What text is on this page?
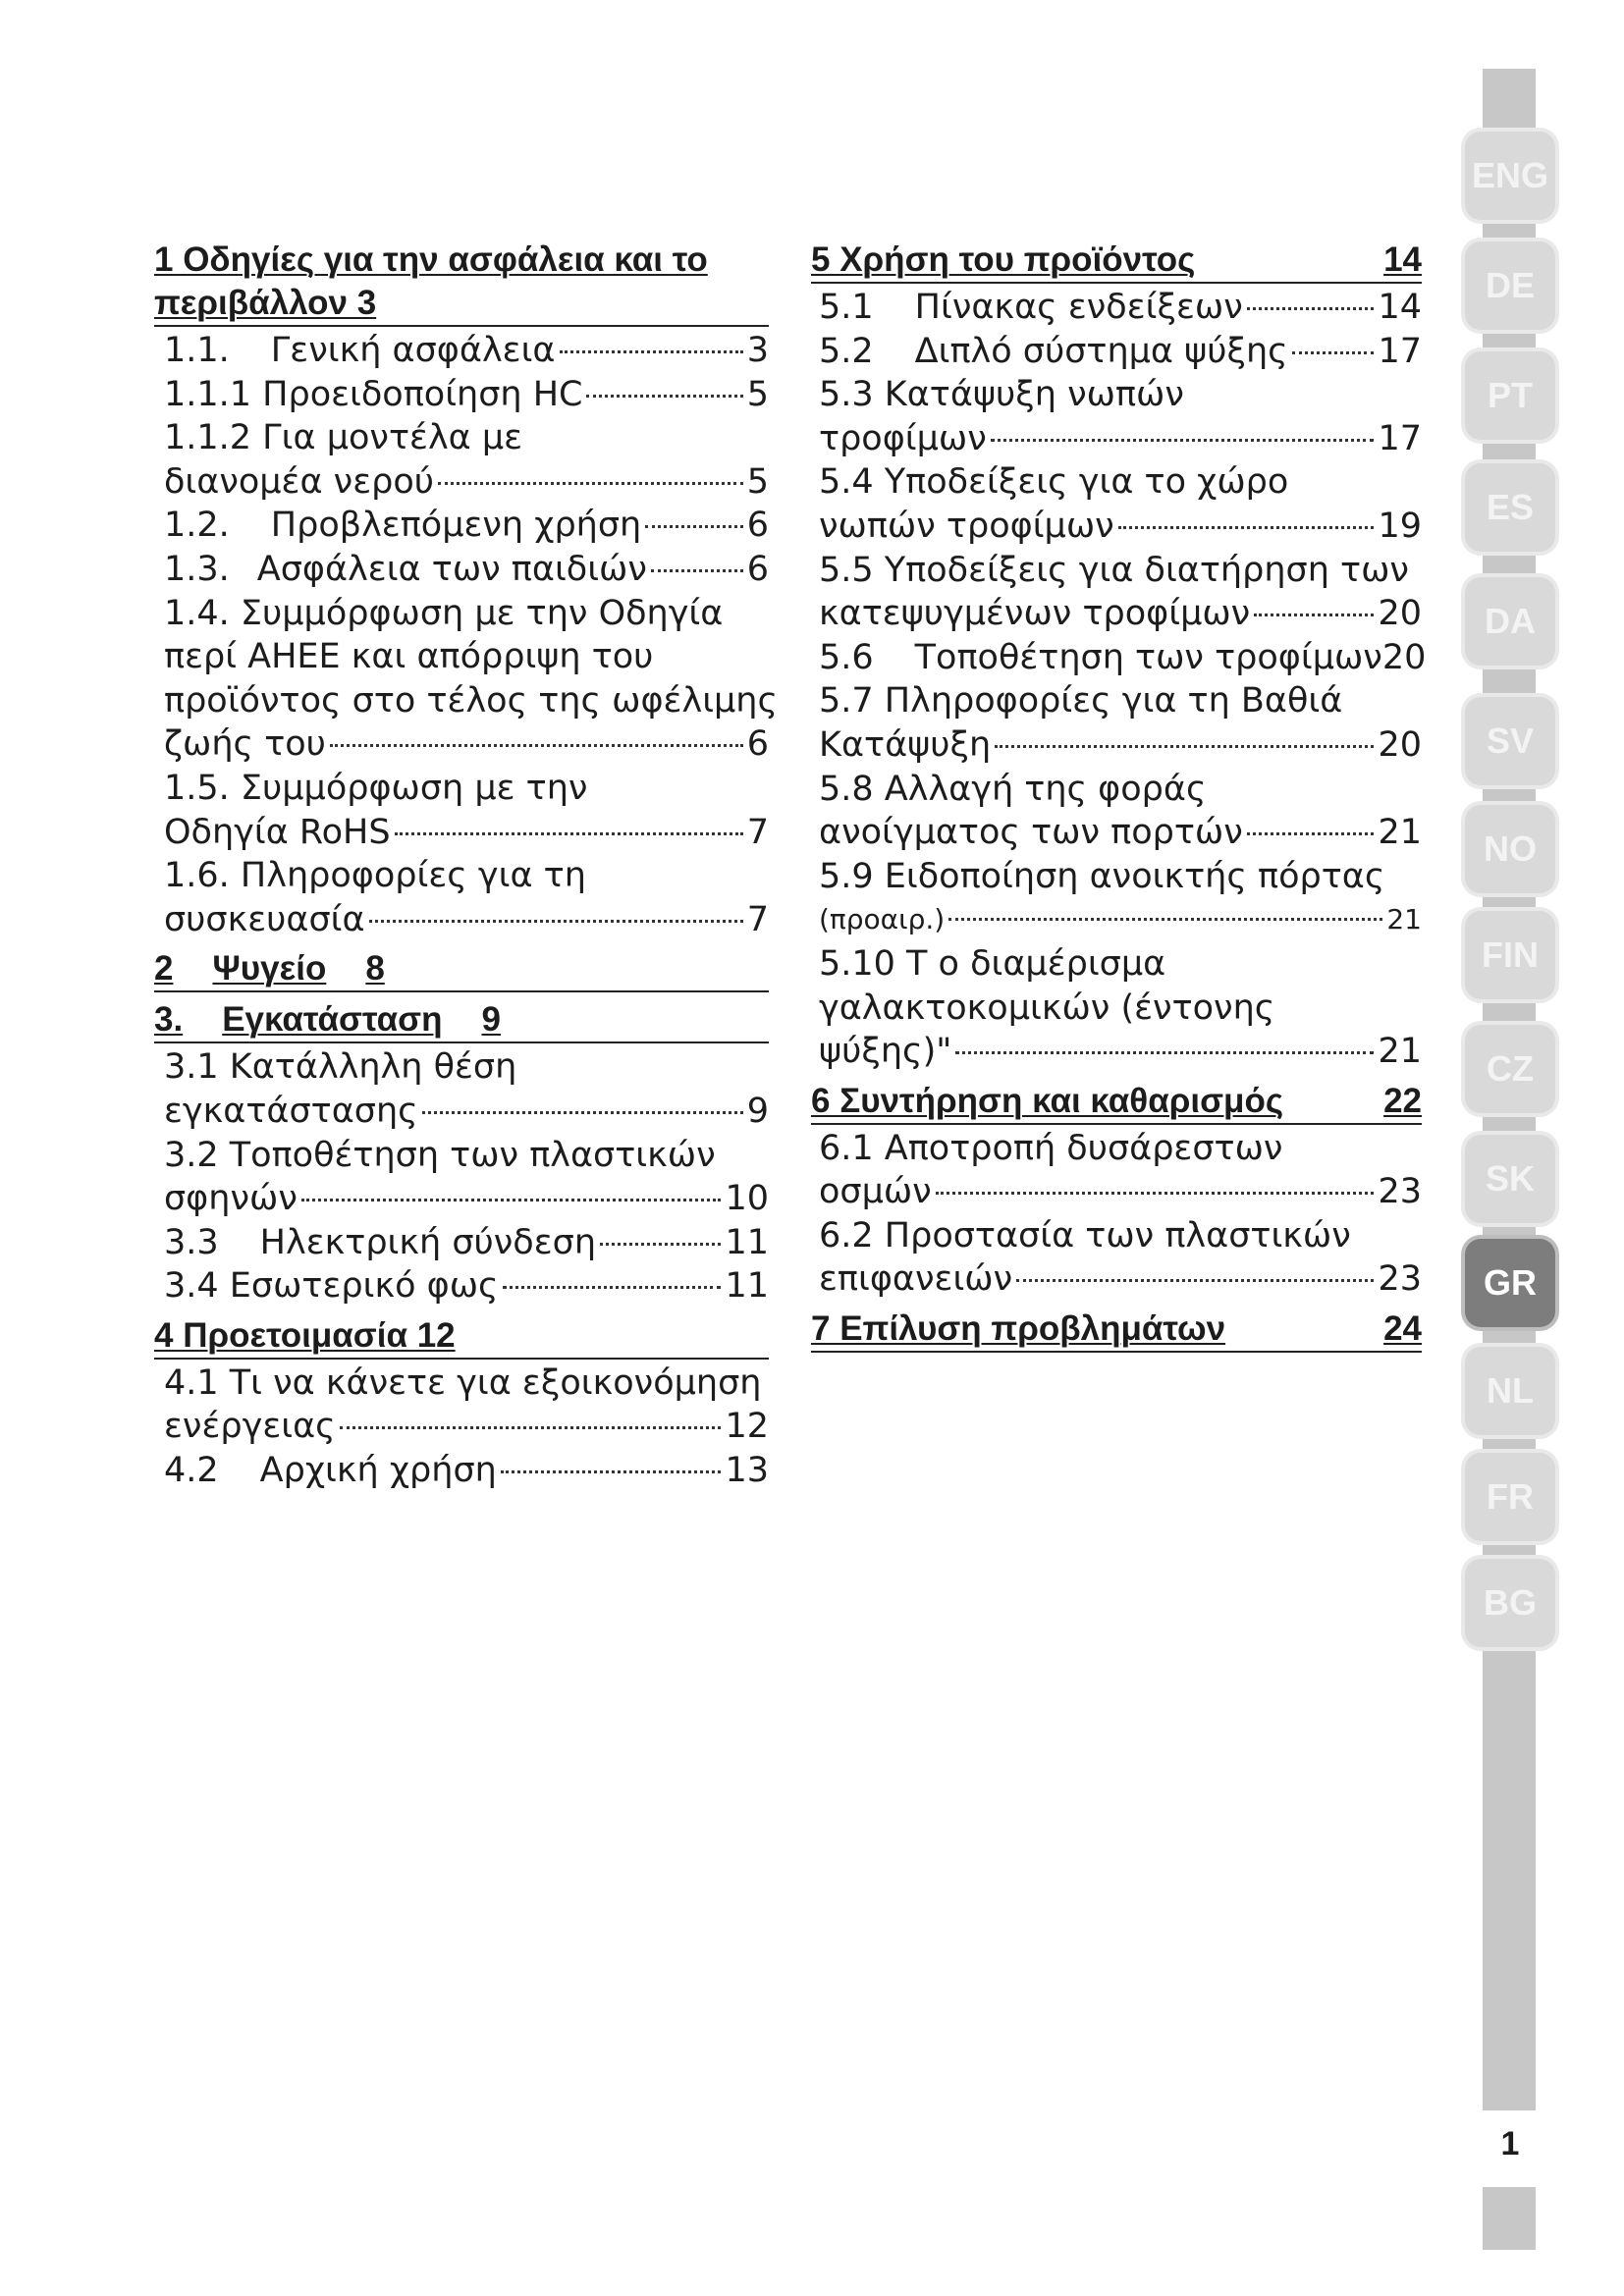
1 Οδηγίες για την ασφάλεια και το
περιβάλλον 3
1.1. Γενική ασφάλεια	3
1.1.1 Προειδοποίηση HC	5
1.1.2 Για μοντέλα με
διανομέα νερού	5
1.2. Προβλεπόμενη χρήση	6
1.3. Ασφάλεια των παιδιών	6
1.4. Συμμόρφωση με την Οδηγία
περί ΑΗΕΕ και απόρριψη του
προϊόντος στο τέλος της ωφέλιμης
ζωής του	6
1.5. Συμμόρφωση με την
Οδηγία RoHS	7
1.6. Πληροφορίες για τη
συσκευασία	7
2 Ψυγείο 8
3. Εγκατάσταση 9
3.1 Κατάλληλη θέση
εγκατάστασης	9
3.2 Τοποθέτηση των πλαστικών
σφηνών	10
3.3 Ηλεκτρική σύνδεση	11
3.4 Εσωτερικό φως	11
4 Προετοιμασία 12
4.1 Τι να κάνετε για εξοικονόμηση
ενέργειας	12
4.2 Αρχική χρήση	13
5 Χρήση του προϊόντος	14
5.1 Πίνακας ενδείξεων	14
5.2 Διπλό σύστημα ψύξης	17
5.3 Κατάψυξη νωπών
τροφίμων	17
5.4 Υποδείξεις για το χώρο
νωπών τροφίμων	19
5.5 Υποδείξεις για διατήρηση των
κατεψυγμένων τροφίμων	20
5.6 Τοποθέτηση των τροφίμων 20
5.7 Πληροφορίες για τη Βαθιά
Κατάψυξη	20
5.8 Αλλαγή της φοράς
ανοίγματος των πορτών	21
5.9 Ειδοποίηση ανοικτής πόρτας
(προαιρ.)	21
5.10 Τ ο διαμέρισμα
γαλακτοκομικών (έντονης
ψύξης)"	21
6 Συντήρηση και καθαρισμός	22
6.1 Αποτροπή δυσάρεστων
οσμών	23
6.2 Προστασία των πλαστικών
επιφανειών	23
7 Επίλυση προβλημάτων	24
ENG
DE
PT
ES
DA
SV
NO
FIN
CZ
SK
GR
NL
FR
BG
1
